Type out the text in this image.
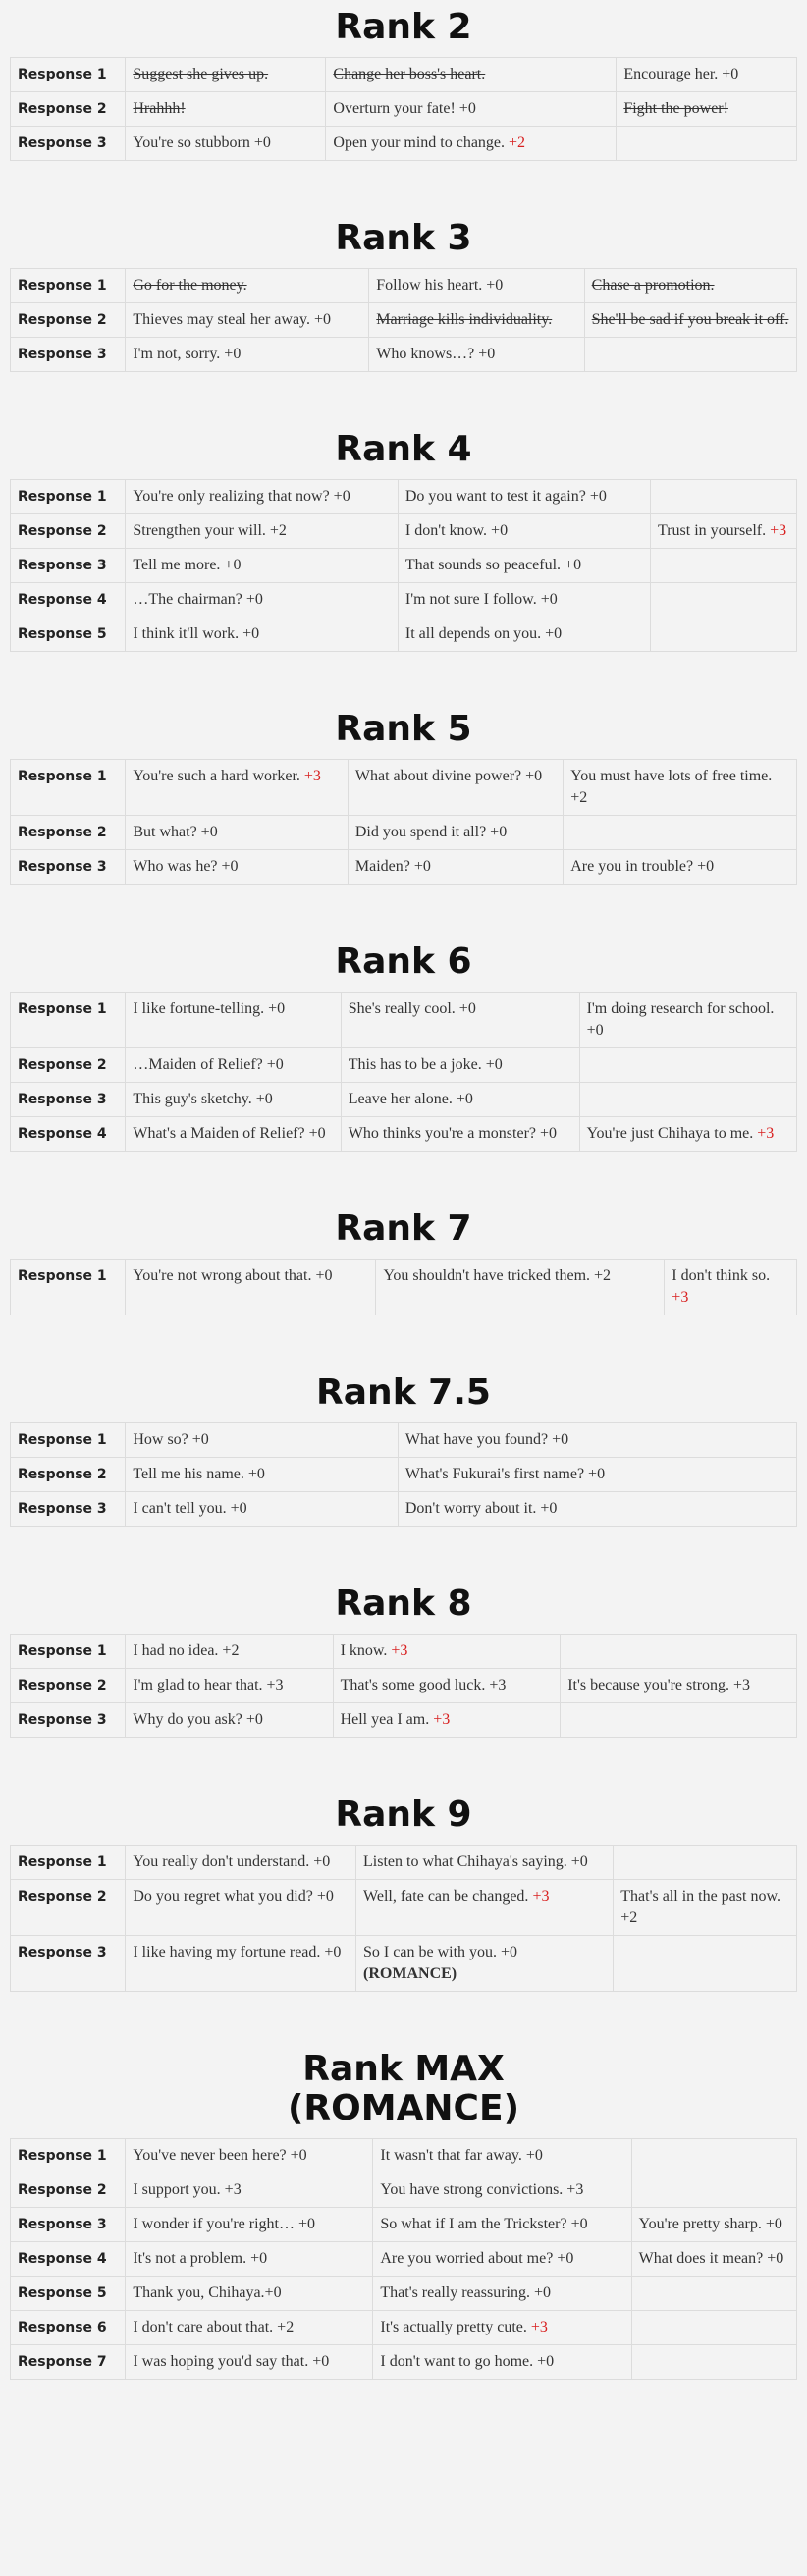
Rank 2
Response 1	Suggest she gives up.	Change her boss's heart.	Encourage her. +0
Response 2	Hrahhh!	Overturn your fate! +0	Fight the power!
Response 3	You're so stubborn +0	Open your mind to change. +2	
Rank 3
Response 1	Go for the money.	Follow his heart. +0	Chase a promotion.
Response 2	Thieves may steal her away. +0	Marriage kills individuality.	She'll be sad if you break it off.
Response 3	I'm not, sorry. +0	Who knows…? +0	
Rank 4
Response 1	You're only realizing that now? +0	Do you want to test it again? +0	
Response 2	Strengthen your will. +2	I don't know. +0	Trust in yourself. +3
Response 3	Tell me more. +0	That sounds so peaceful. +0	
Response 4	…The chairman? +0	I'm not sure I follow. +0	
Response 5	I think it'll work. +0	It all depends on you. +0	
Rank 5
Response 1	You're such a hard worker. +3	What about divine power? +0	You must have lots of free time. +2
Response 2	But what? +0	Did you spend it all? +0	
Response 3	Who was he? +0	Maiden? +0	Are you in trouble? +0
Rank 6
Response 1	I like fortune-telling. +0	She's really cool. +0	I'm doing research for school. +0
Response 2	…Maiden of Relief? +0	This has to be a joke. +0	
Response 3	This guy's sketchy. +0	Leave her alone. +0	
Response 4	What's a Maiden of Relief? +0	Who thinks you're a monster? +0	You're just Chihaya to me. +3
Rank 7
Response 1	You're not wrong about that. +0	You shouldn't have tricked them. +2	I don't think so. +3
Rank 7.5
Response 1	How so? +0	What have you found? +0
Response 2	Tell me his name. +0	What's Fukurai's first name? +0
Response 3	I can't tell you. +0	Don't worry about it. +0
Rank 8
Response 1	I had no idea. +2	I know. +3	
Response 2	I'm glad to hear that. +3	That's some good luck. +3	It's because you're strong. +3
Response 3	Why do you ask? +0	Hell yea I am. +3	
Rank 9
Response 1	You really don't understand. +0	Listen to what Chihaya's saying. +0	
Response 2	Do you regret what you did? +0	Well, fate can be changed. +3	That's all in the past now. +2
Response 3	I like having my fortune read. +0	So I can be with you. +0 (ROMANCE)	
Rank MAX
(ROMANCE)
Response 1	You've never been here? +0	It wasn't that far away. +0	
Response 2	I support you. +3	You have strong convictions. +3	
Response 3	I wonder if you're right… +0	So what if I am the Trickster? +0	You're pretty sharp. +0
Response 4	It's not a problem. +0	Are you worried about me? +0	What does it mean? +0
Response 5	Thank you, Chihaya.+0	That's really reassuring. +0	
Response 6	I don't care about that. +2	It's actually pretty cute. +3	
Response 7	I was hoping you'd say that. +0	I don't want to go home. +0	
